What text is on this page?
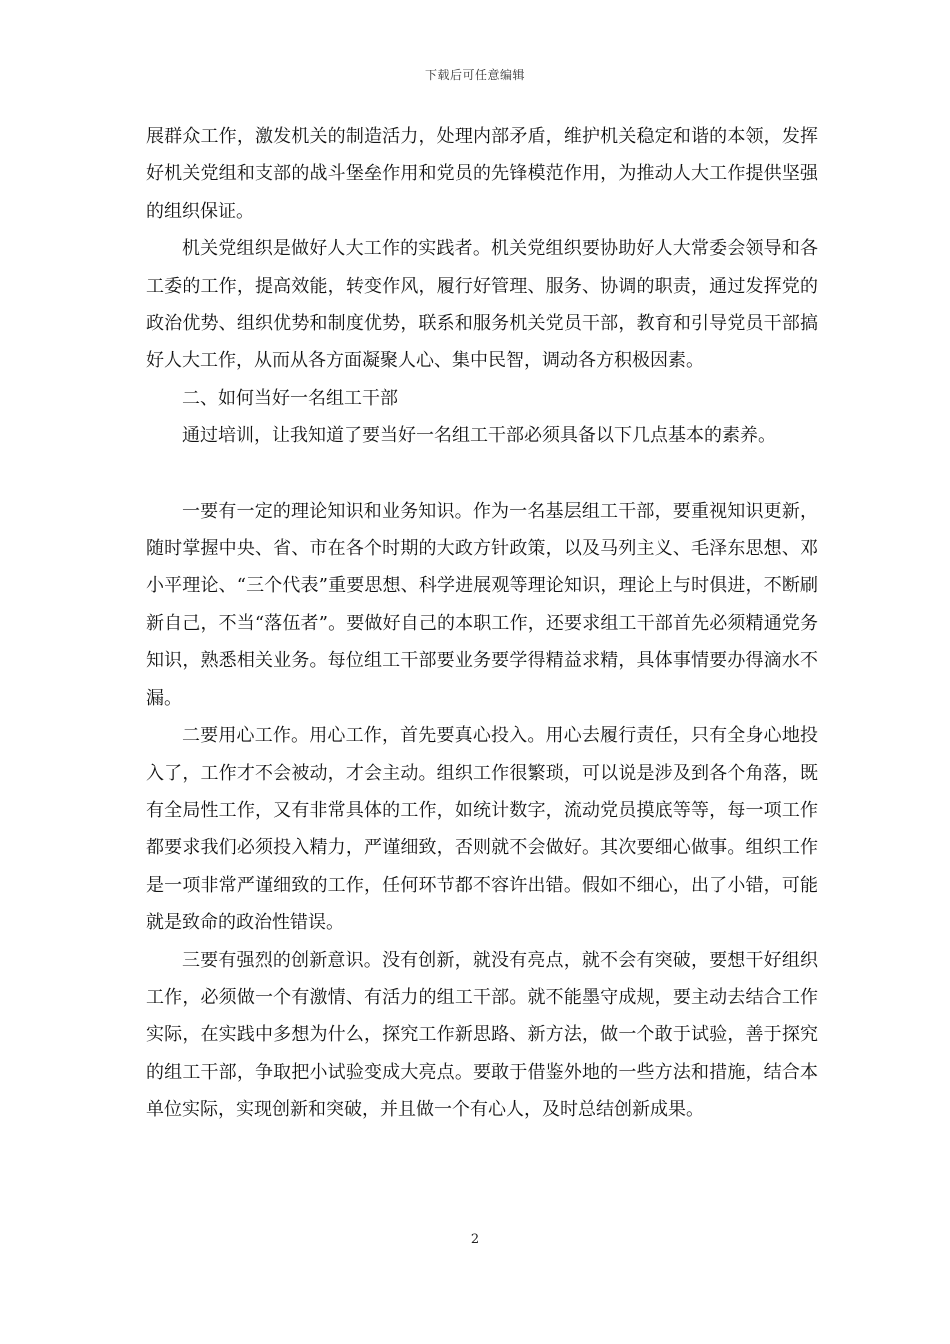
下载后可任意编辑

展群众工作，激发机关的制造活力，处理内部矛盾，维护机关稳定和谐的本领，发挥好机关党组和支部的战斗堡垒作用和党员的先锋模范作用，为推动人大工作提供坚强的组织保证。

机关党组织是做好人大工作的实践者。机关党组织要协助好人大常委会领导和各工委的工作，提高效能，转变作风，履行好管理、服务、协调的职责，通过发挥党的政治优势、组织优势和制度优势，联系和服务机关党员干部，教育和引导党员干部搞好人大工作，从而从各方面凝聚人心、集中民智，调动各方积极因素。

二、如何当好一名组工干部

通过培训，让我知道了要当好一名组工干部必须具备以下几点基本的素养。

一要有一定的理论知识和业务知识。作为一名基层组工干部，要重视知识更新，随时掌握中央、省、市在各个时期的大政方针政策，以及马列主义、毛泽东思想、邓小平理论、“三个代表”重要思想、科学进展观等理论知识，理论上与时俱进，不断刷新自己，不当“落伍者”。要做好自己的本职工作，还要求组工干部首先必须精通党务知识，熟悉相关业务。每位组工干部要业务要学得精益求精，具体事情要办得滴水不漏。

二要用心工作。用心工作，首先要真心投入。用心去履行责任，只有全身心地投入了，工作才不会被动，才会主动。组织工作很繁琐，可以说是涉及到各个角落，既有全局性工作，又有非常具体的工作，如统计数字，流动党员摸底等等，每一项工作都要求我们必须投入精力，严谨细致，否则就不会做好。其次要细心做事。组织工作是一项非常严谨细致的工作，任何环节都不容许出错。假如不细心，出了小错，可能就是致命的政治性错误。

三要有强烈的创新意识。没有创新，就没有亮点，就不会有突破，要想干好组织工作，必须做一个有激情、有活力的组工干部。就不能墨守成规，要主动去结合工作实际，在实践中多想为什么，探究工作新思路、新方法，做一个敢于试验，善于探究的组工干部，争取把小试验变成大亮点。要敢于借鉴外地的一些方法和措施，结合本单位实际，实现创新和突破，并且做一个有心人，及时总结创新成果。

2
